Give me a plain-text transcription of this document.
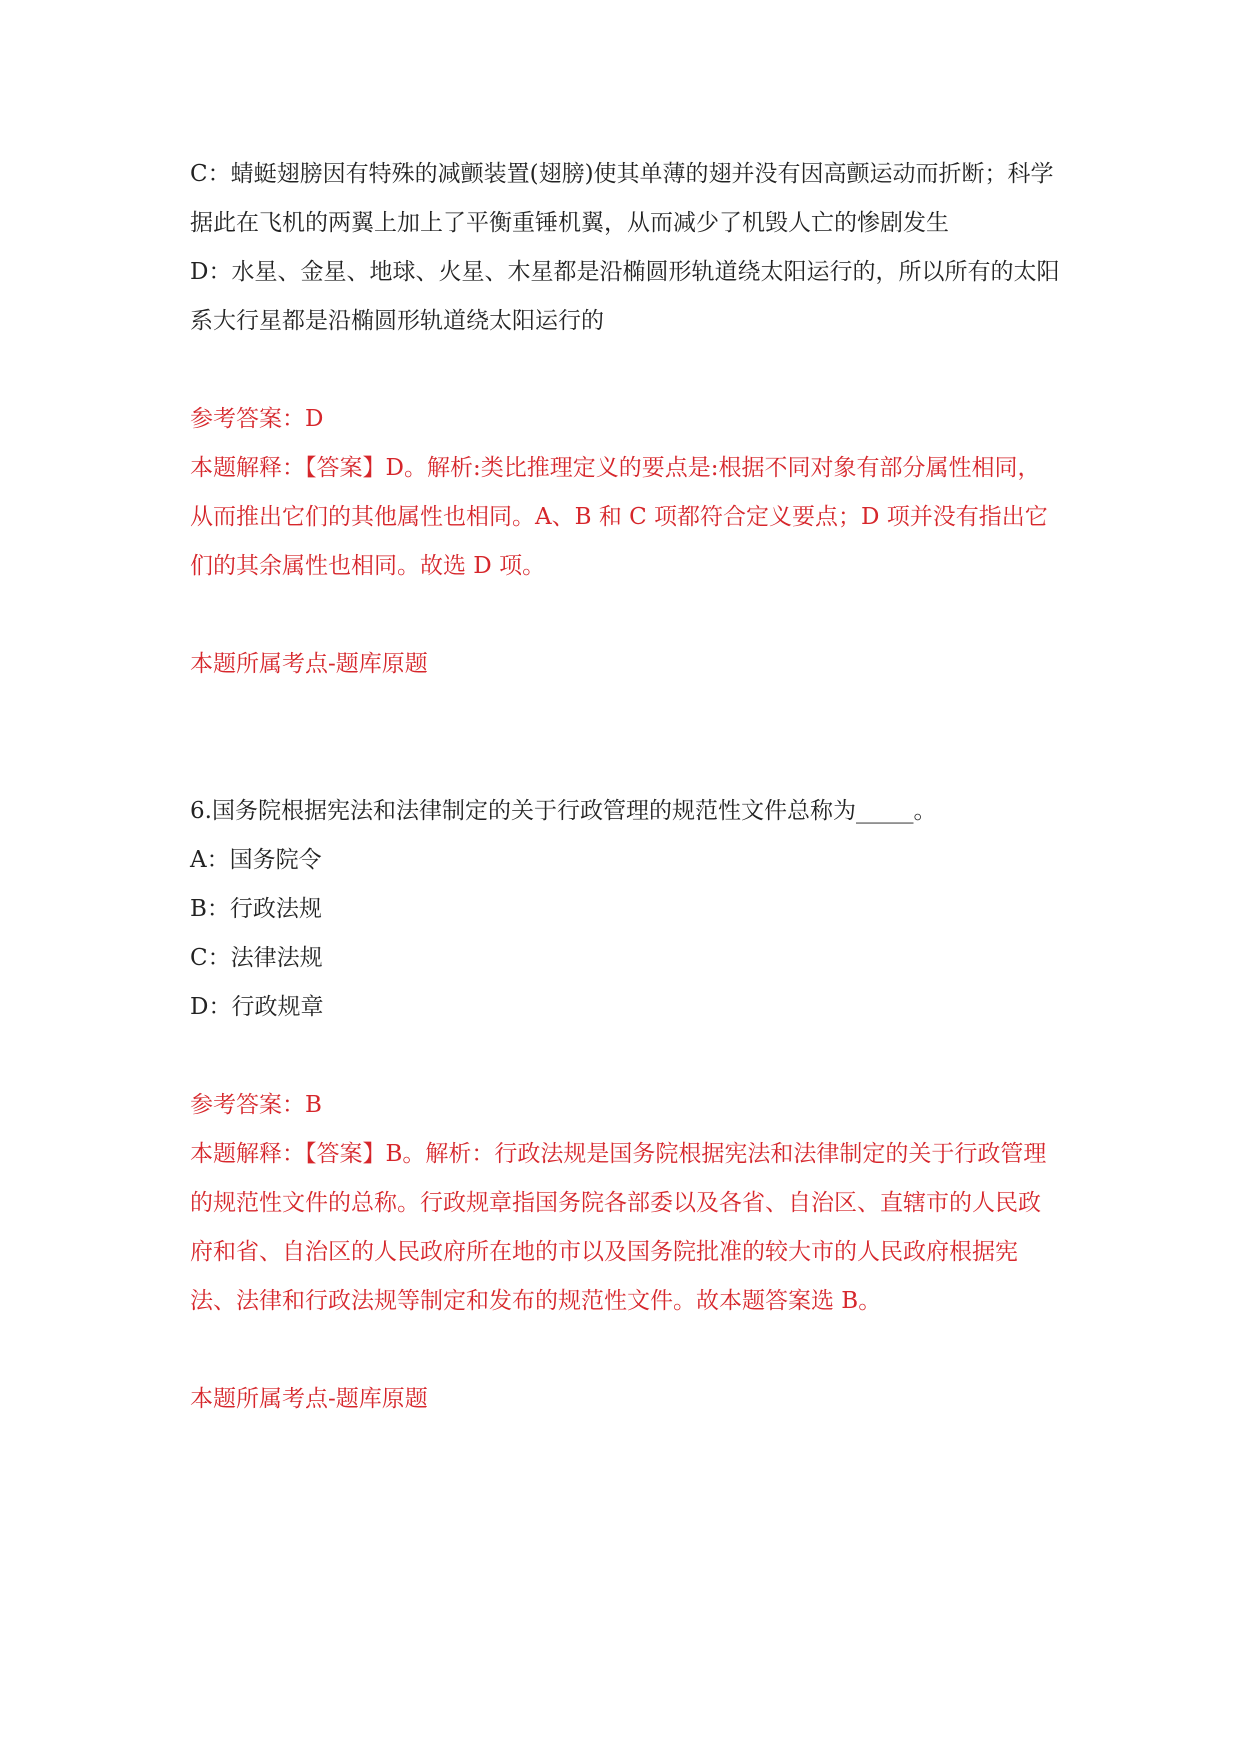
C：蜻蜓翅膀因有特殊的减颤装置(翅膀)使其单薄的翅并没有因高颤运动而折断；科学据此在飞机的两翼上加上了平衡重锤机翼，从而减少了机毁人亡的惨剧发生

D：水星、金星、地球、火星、木星都是沿椭圆形轨道绕太阳运行的，所以所有的太阳系大行星都是沿椭圆形轨道绕太阳运行的

参考答案：D

本题解释：【答案】D。解析:类比推理定义的要点是:根据不同对象有部分属性相同，从而推出它们的其他属性也相同。A、B 和 C 项都符合定义要点；D 项并没有指出它们的其余属性也相同。故选 D 项。

本题所属考点-题库原题

6.国务院根据宪法和法律制定的关于行政管理的规范性文件总称为_____。

A：国务院令

B：行政法规

C：法律法规

D：行政规章

参考答案：B

本题解释：【答案】B。解析：行政法规是国务院根据宪法和法律制定的关于行政管理的规范性文件的总称。行政规章指国务院各部委以及各省、自治区、直辖市的人民政府和省、自治区的人民政府所在地的市以及国务院批准的较大市的人民政府根据宪法、法律和行政法规等制定和发布的规范性文件。故本题答案选 B。

本题所属考点-题库原题
